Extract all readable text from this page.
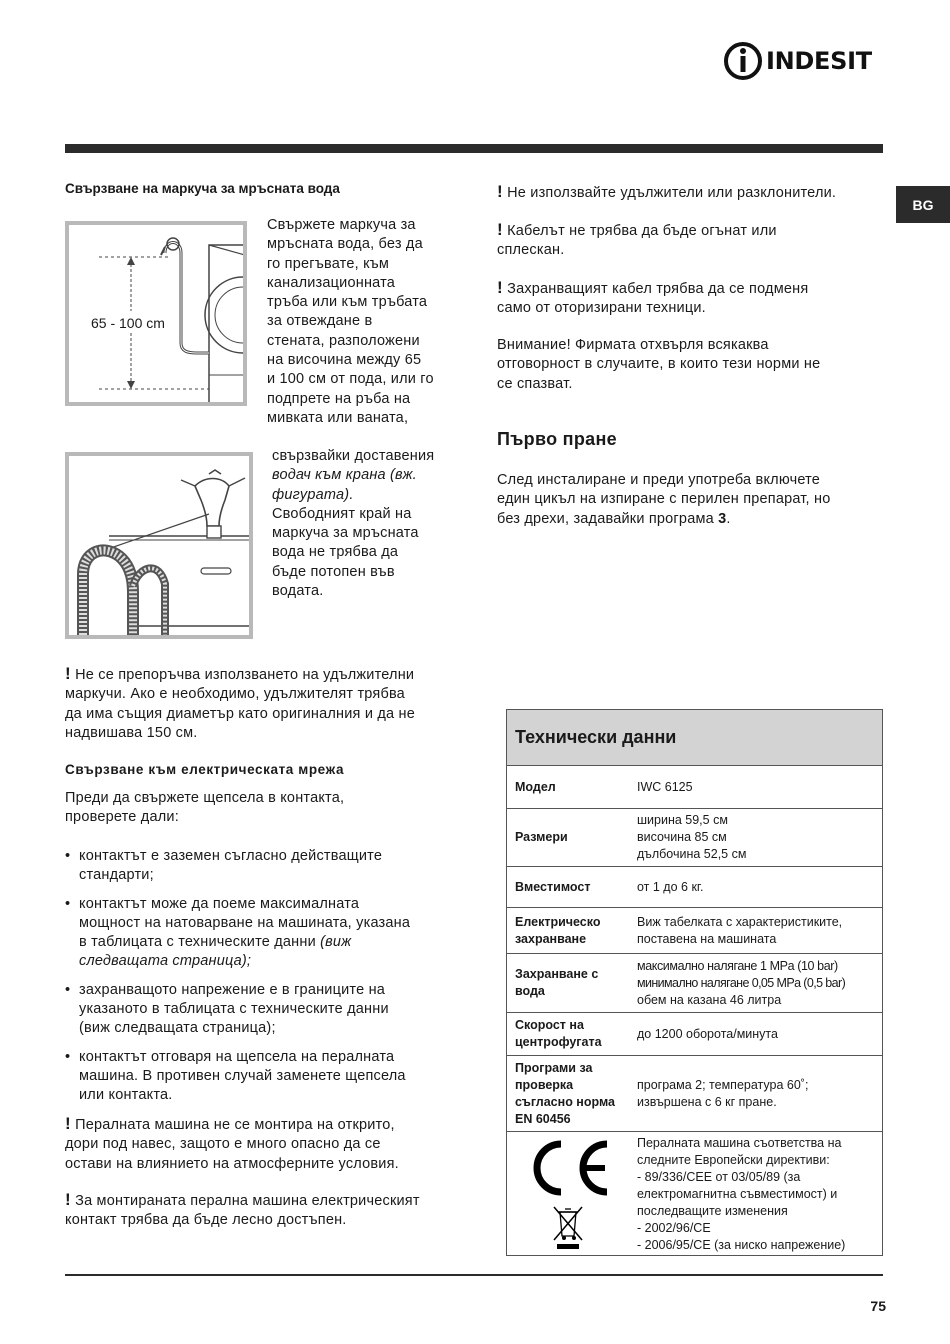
INDESIT
BG
Свързване на маркуча за мръсната вода
65 - 100 cm
Свържете маркуча за
мръсната вода, без да
го прегъвате, към
канализационната
тръба или към тръбата
за отвеждане в
стената, разположени
на височина между 65
и 100 см от пода, или го
подпрете на ръба на
мивката или ваната,
свързвайки доставения
водач към крана (вж.
фигурата).
Свободният край на
маркуча за мръсната
вода не трябва да
бъде потопен във
водата.
! Не се препоръчва използването на удължителни
маркучи. Ако е необходимо, удължителят трябва
да има същия диаметър като оригиналния и да не
надвишава 150 см.
Свързване към електрическата мрежа
Преди да свържете щепсела в контакта,
проверете дали:
• контактът е заземен съгласно действащите
стандарти;
• контактът може да поеме максималната
мощност на натоварване на машината, указана
в таблицата с техническите данни (виж
следващата страница);
• захранващото напрежение е в границите на
указаното в таблицата с техническите данни
(виж следващата страница);
• контактът отговаря на щепсела на пералната
машина. В противен случай заменете щепсела
или контакта.
! Пералната машина не се монтира на открито,
дори под навес, защото е много опасно да се
остави на влиянието на атмосферните условия.
! За монтираната перална машина електрическият
контакт трябва да бъде лесно достъпен.
! Не използвайте удължители или разклонители.
! Кабелът не трябва да бъде огънат или
сплескан.
! Захранващият кабел трябва да се подменя
само от оторизирани техници.
Внимание! Фирмата отхвърля всякаква
отговорност в случаите, в които тези норми не
се спазват.
Първо пране
След инсталиране и преди употреба включете
един цикъл на изпиране с перилен препарат, но
без дрехи, задавайки програма 3.
Технически данни
Модел	IWC 6125
Размери
ширина 59,5 см
височина 85 см
дълбочина 52,5 см
Вместимост	от 1 до 6 кг.
Електрическо
захранване
Виж табелката с характеристиките,
поставена на машината
Захранване с
вода
максимално налягане 1 MPa (10 bar)
минимално налягане 0,05 MPa (0,5 bar)
обем на казана 46 литра
Скорост на
центрофугата
до 1200 оборота/минута
Програми за
проверка
съгласно норма
EN 60456
програма 2; температура 60˚;
извършена с 6 кг пране.
Пералната машина съответства на
следните Европейски директиви:
- 89/336/CEE от 03/05/89 (за
електромагнитна съвместимост) и
последващите изменения
- 2002/96/CE
- 2006/95/CE (за ниско напрежение)
75
